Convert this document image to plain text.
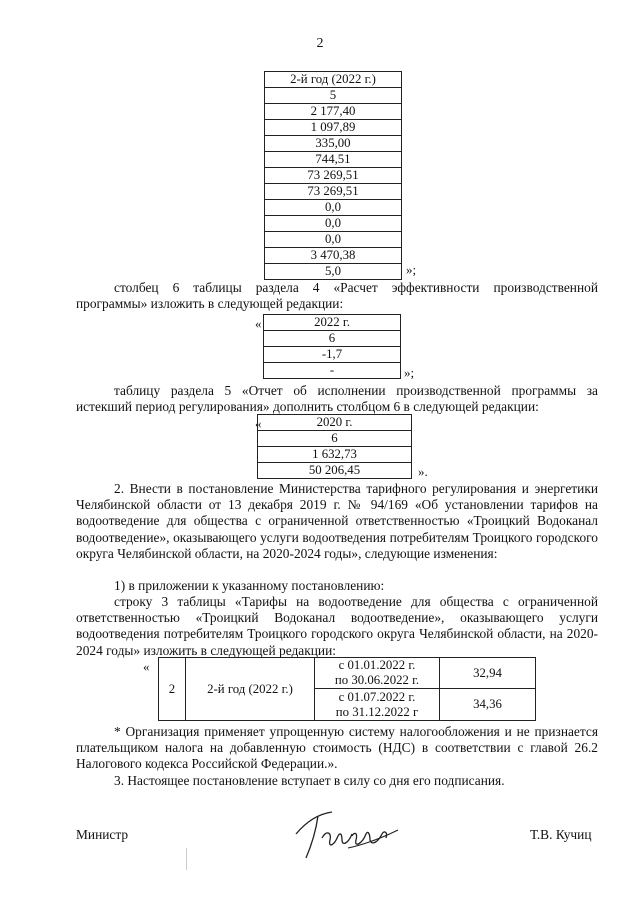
2
2-й год (2022 г.)
5
2 177,40
1 097,89
335,00
744,51
73 269,51
73 269,51
0,0
0,0
0,0
3 470,38
5,0	»;
столбец 6 таблицы раздела 4 «Расчет эффективности производственной программы» изложить в следующей редакции:
«	2022 г.
6
-1,7
-	»;
таблицу раздела 5 «Отчет об исполнении производственной программы за истекший период регулирования» дополнить столбцом 6 в следующей редакции:
«	2020 г.
6
1 632,73
50 206,45	».
2. Внести в постановление Министерства тарифного регулирования и энергетики Челябинской области от 13 декабря 2019 г. № 94/169 «Об установлении тарифов на водоотведение для общества с ограниченной ответственностью «Троицкий Водоканал водоотведение», оказывающего услуги водоотведения потребителям Троицкого городского округа Челябинской области, на 2020-2024 годы», следующие изменения:
1) в приложении к указанному постановлению:
строку 3 таблицы «Тарифы на водоотведение для общества с ограниченной ответственностью «Троицкий Водоканал водоотведение», оказывающего услуги водоотведения потребителям Троицкого городского округа Челябинской области, на 2020-2024 годы» изложить в следующей редакции:
«
2	2-й год (2022 г.)	с 01.01.2022 г.
по 30.06.2022 г.	32,94

		с 01.07.2022 г.
по 31.12.2022 г	34,36
* Организация применяет упрощенную систему налогообложения и не признается плательщиком налога на добавленную стоимость (НДС) в соответствии с главой 26.2 Налогового кодекса Российской Федерации.».
3. Настоящее постановление вступает в силу со дня его подписания.
Министр	Т.В. Кучиц
